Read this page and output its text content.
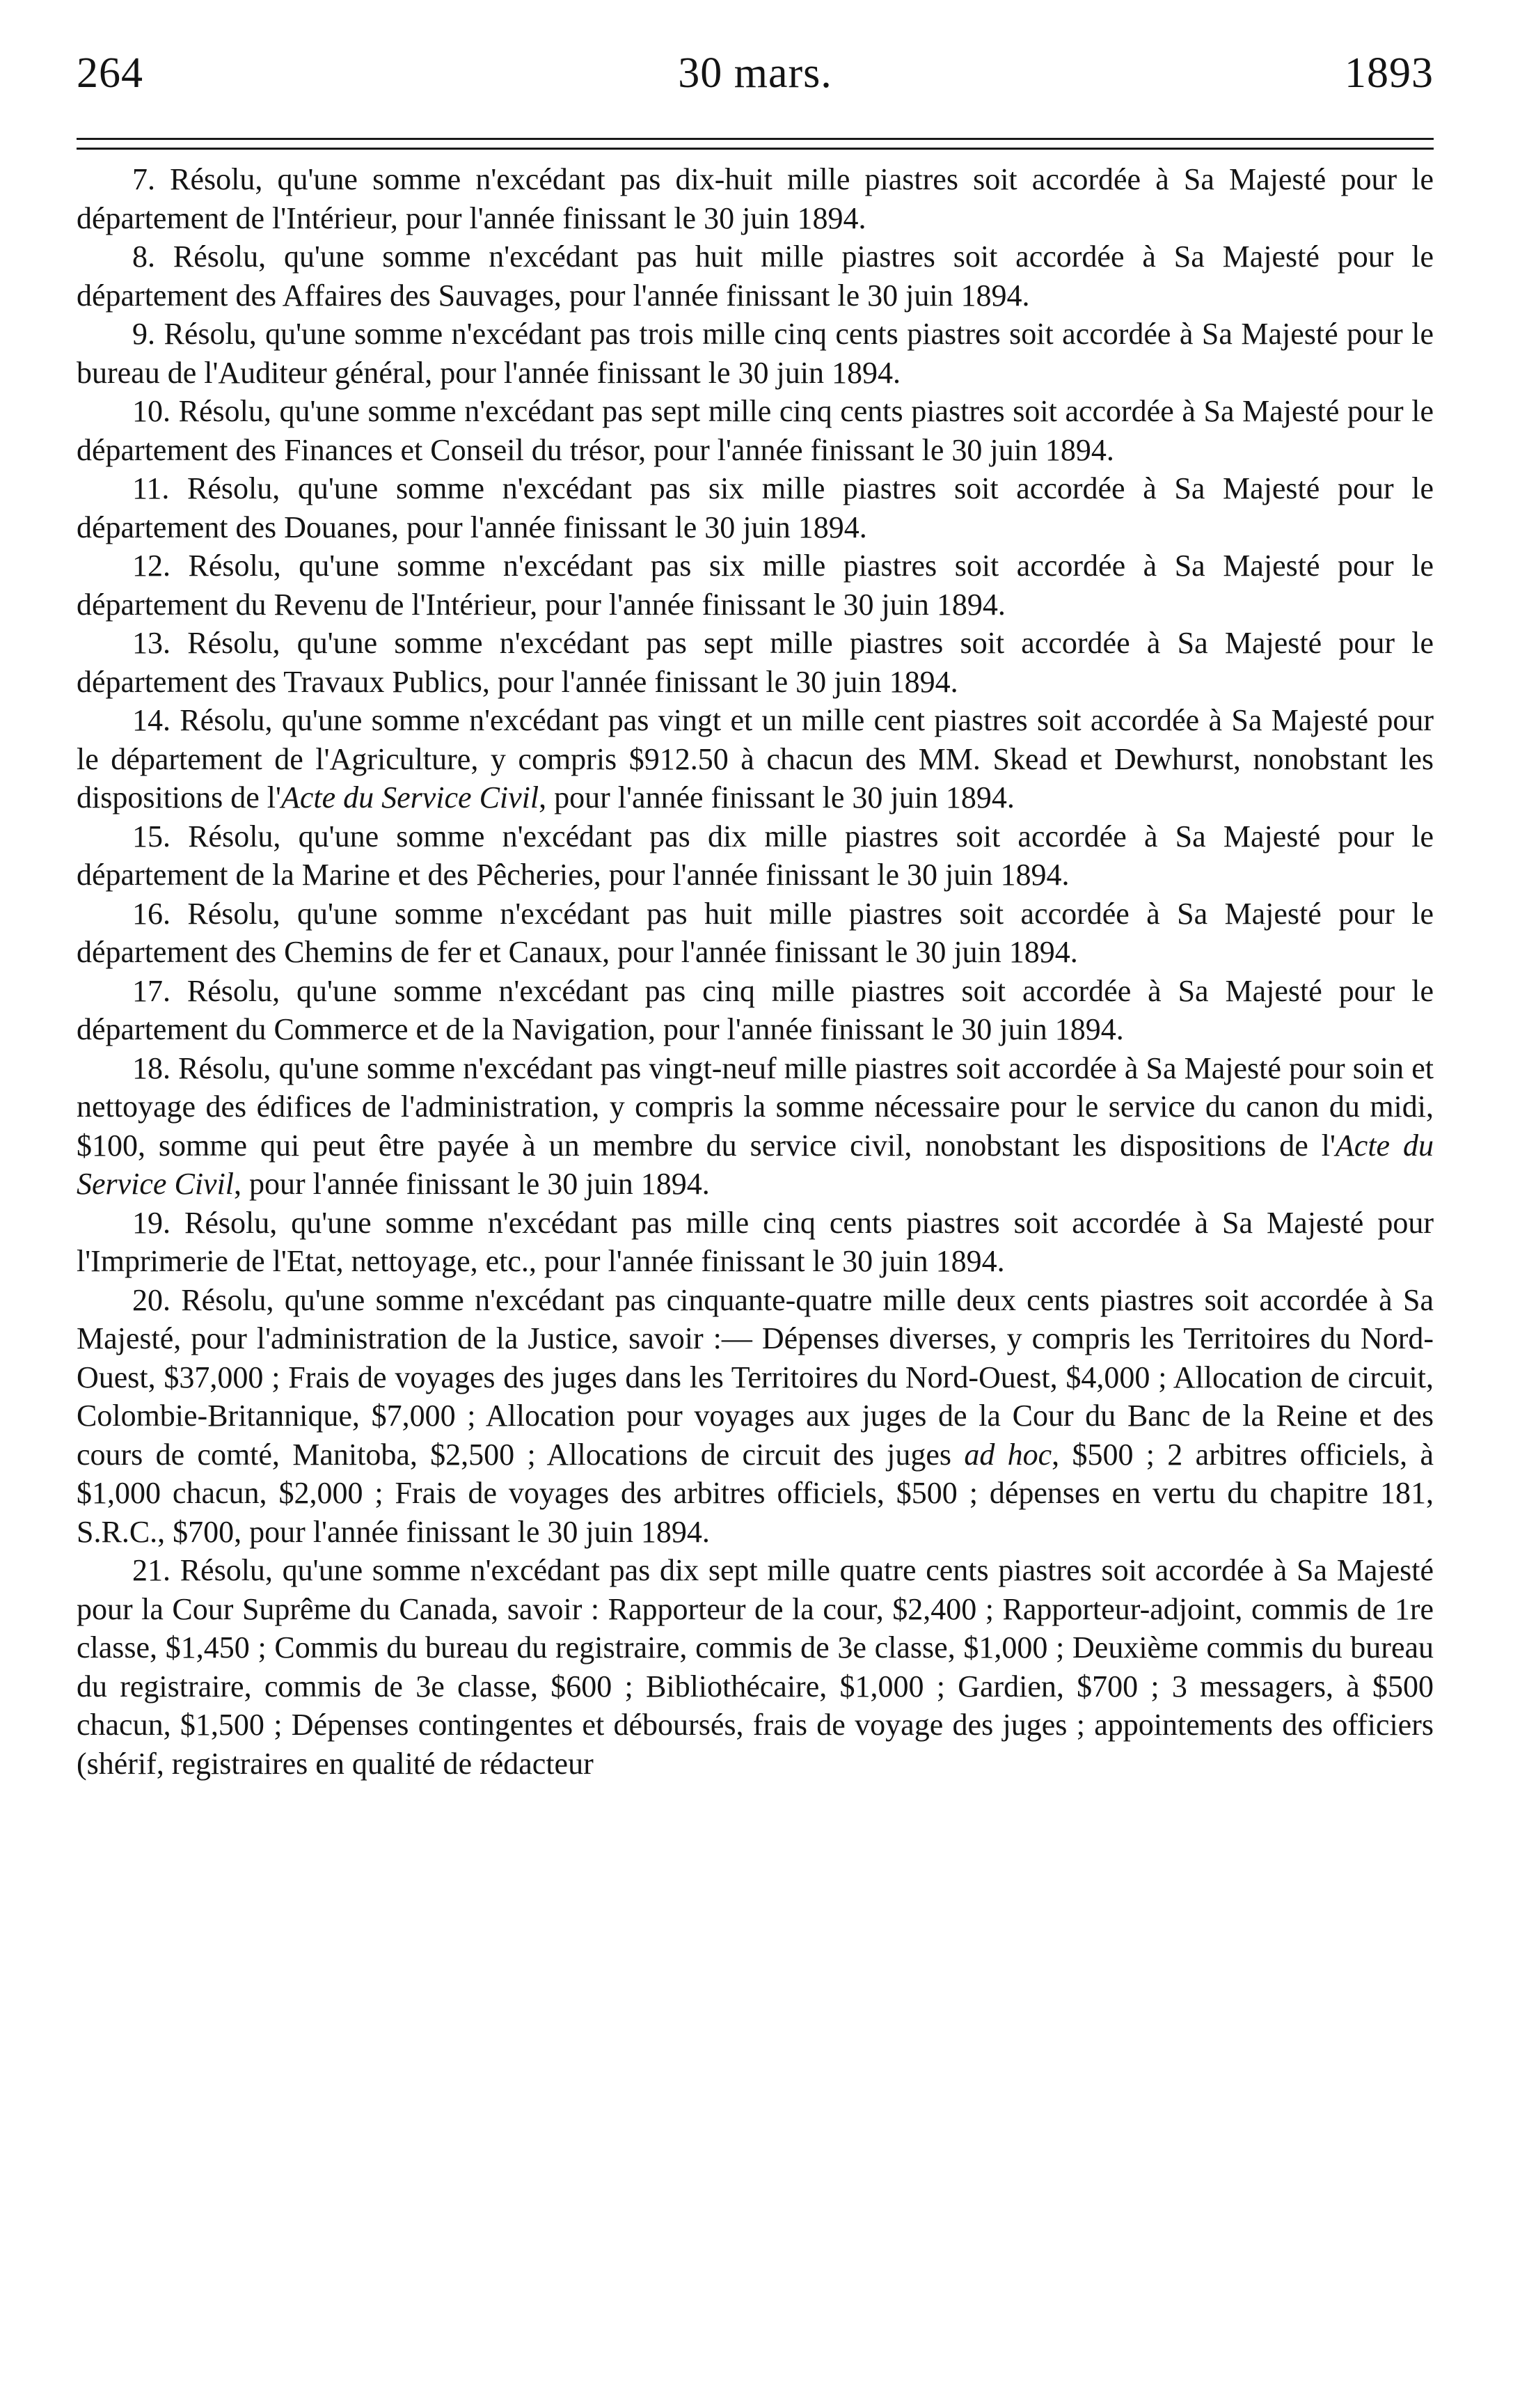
264	30 mars.	1893

7. Résolu, qu'une somme n'excédant pas dix-huit mille piastres soit accordée à Sa Majesté pour le département de l'Intérieur, pour l'année finissant le 30 juin 1894.

8. Résolu, qu'une somme n'excédant pas huit mille piastres soit accordée à Sa Majesté pour le département des Affaires des Sauvages, pour l'année finissant le 30 juin 1894.

9. Résolu, qu'une somme n'excédant pas trois mille cinq cents piastres soit accordée à Sa Majesté pour le bureau de l'Auditeur général, pour l'année finissant le 30 juin 1894.

10. Résolu, qu'une somme n'excédant pas sept mille cinq cents piastres soit accordée à Sa Majesté pour le département des Finances et Conseil du trésor, pour l'année finissant le 30 juin 1894.

11. Résolu, qu'une somme n'excédant pas six mille piastres soit accordée à Sa Majesté pour le département des Douanes, pour l'année finissant le 30 juin 1894.

12. Résolu, qu'une somme n'excédant pas six mille piastres soit accordée à Sa Majesté pour le département du Revenu de l'Intérieur, pour l'année finissant le 30 juin 1894.

13. Résolu, qu'une somme n'excédant pas sept mille piastres soit accordée à Sa Majesté pour le département des Travaux Publics, pour l'année finissant le 30 juin 1894.

14. Résolu, qu'une somme n'excédant pas vingt et un mille cent piastres soit accordée à Sa Majesté pour le département de l'Agriculture, y compris $912.50 à chacun des MM. Skead et Dewhurst, nonobstant les dispositions de l'Acte du Service Civil, pour l'année finissant le 30 juin 1894.

15. Résolu, qu'une somme n'excédant pas dix mille piastres soit accordée à Sa Majesté pour le département de la Marine et des Pêcheries, pour l'année finissant le 30 juin 1894.

16. Résolu, qu'une somme n'excédant pas huit mille piastres soit accordée à Sa Majesté pour le département des Chemins de fer et Canaux, pour l'année finissant le 30 juin 1894.

17. Résolu, qu'une somme n'excédant pas cinq mille piastres soit accordée à Sa Majesté pour le département du Commerce et de la Navigation, pour l'année finissant le 30 juin 1894.

18. Résolu, qu'une somme n'excédant pas vingt-neuf mille piastres soit accordée à Sa Majesté pour soin et nettoyage des édifices de l'administration, y compris la somme nécessaire pour le service du canon du midi, $100, somme qui peut être payée à un membre du service civil, nonobstant les dispositions de l'Acte du Service Civil, pour l'année finissant le 30 juin 1894.

19. Résolu, qu'une somme n'excédant pas mille cinq cents piastres soit accordée à Sa Majesté pour l'Imprimerie de l'Etat, nettoyage, etc., pour l'année finissant le 30 juin 1894.

20. Résolu, qu'une somme n'excédant pas cinquante-quatre mille deux cents piastres soit accordée à Sa Majesté, pour l'administration de la Justice, savoir :— Dépenses diverses, y compris les Territoires du Nord-Ouest, $37,000 ; Frais de voyages des juges dans les Territoires du Nord-Ouest, $4,000 ; Allocation de circuit, Colombie-Britannique, $7,000 ; Allocation pour voyages aux juges de la Cour du Banc de la Reine et des cours de comté, Manitoba, $2,500 ; Allocations de circuit des juges ad hoc, $500 ; 2 arbitres officiels, à $1,000 chacun, $2,000 ; Frais de voyages des arbitres officiels, $500 ; dépenses en vertu du chapitre 181, S.R.C., $700, pour l'année finissant le 30 juin 1894.

21. Résolu, qu'une somme n'excédant pas dix sept mille quatre cents piastres soit accordée à Sa Majesté pour la Cour Suprême du Canada, savoir : Rapporteur de la cour, $2,400 ; Rapporteur-adjoint, commis de 1re classe, $1,450 ; Commis du bureau du registraire, commis de 3e classe, $1,000 ; Deuxième commis du bureau du registraire, commis de 3e classe, $600 ; Bibliothécaire, $1,000 ; Gardien, $700 ; 3 messagers, à $500 chacun, $1,500 ; Dépenses contingentes et déboursés, frais de voyage des juges ; appointements des officiers (shérif, registraires en qualité de rédacteur
